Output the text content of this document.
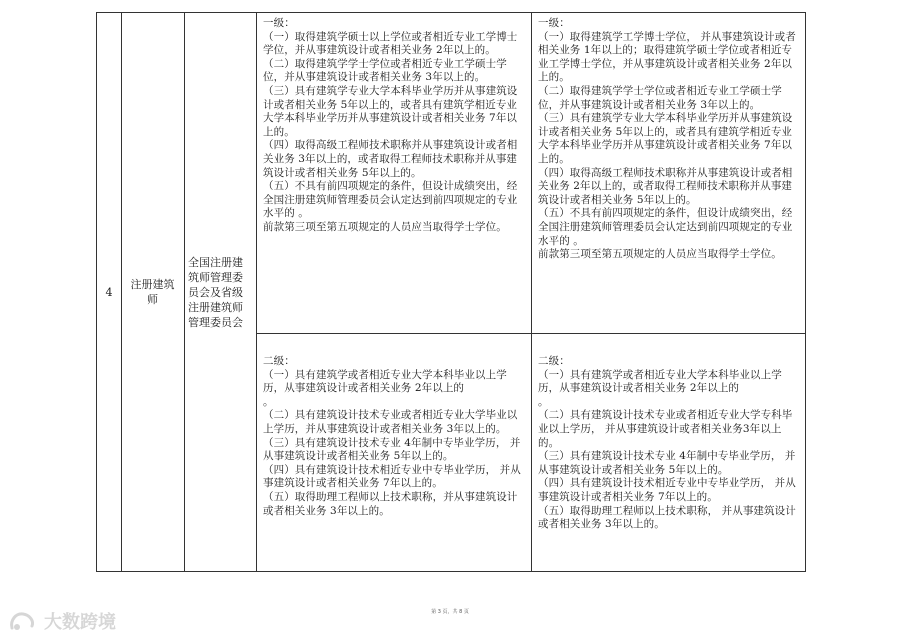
4
注册建筑师
全国注册建筑师管理委员会及省级注册建筑师管理委员会
一级：
（一）取得建筑学硕士以上学位或者相近专业工学博士学位，并从事建筑设计或者相关业务 2年以上的。
（二）取得建筑学学士学位或者相近专业工学硕士学位，并从事建筑设计或者相关业务 3年以上的。
（三）具有建筑学专业大学本科毕业学历并从事建筑设计或者相关业务 5年以上的，或者具有建筑学相近专业大学本科毕业学历并从事建筑设计或者相关业务 7年以上的。
（四）取得高级工程师技术职称并从事建筑设计或者相关业务 3年以上的，或者取得工程师技术职称并从事建筑设计或者相关业务 5年以上的。
（五）不具有前四项规定的条件，但设计成绩突出，经全国注册建筑师管理委员会认定达到前四项规定的专业水平的 。
前款第三项至第五项规定的人员应当取得学士学位。
一级：
（一）取得建筑学工学博士学位， 并从事建筑设计或者相关业务 1年以上的；取得建筑学硕士学位或者相近专业工学博士学位，并从事建筑设计或者相关业务 2年以上的。
（二）取得建筑学学士学位或者相近专业工学硕士学位，并从事建筑设计或者相关业务 3年以上的。
（三）具有建筑学专业大学本科毕业学历并从事建筑设计或者相关业务 5年以上的，或者具有建筑学相近专业大学本科毕业学历并从事建筑设计或者相关业务 7年以上的。
（四）取得高级工程师技术职称并从事建筑设计或者相关业务 2年以上的，或者取得工程师技术职称并从事建筑设计或者相关业务 5年以上的。
（五）不具有前四项规定的条件，但设计成绩突出，经全国注册建筑师管理委员会认定达到前四项规定的专业水平的 。
前款第三项至第五项规定的人员应当取得学士学位。
二级：
（一）具有建筑学或者相近专业大学本科毕业以上学历，从事建筑设计或者相关业务 2年以上的
。
（二）具有建筑设计技术专业或者相近专业大学毕业以上学历，并从事建筑设计或者相关业务 3年以上的。
（三）具有建筑设计技术专业 4年制中专毕业学历， 并从事建筑设计或者相关业务 5年以上的。
（四）具有建筑设计技术相近专业中专毕业学历， 并从事建筑设计或者相关业务 7年以上的。
（五）取得助理工程师以上技术职称，并从事建筑设计或者相关业务 3年以上的。
二级：
（一）具有建筑学或者相近专业大学本科毕业以上学历，从事建筑设计或者相关业务 2年以上的
。
（二）具有建筑设计技术专业或者相近专业大学专科毕业以上学历， 并从事建筑设计或者相关业务3年以上的。
（三）具有建筑设计技术专业 4年制中专毕业学历， 并从事建筑设计或者相关业务 5年以上的。
（四）具有建筑设计技术相近专业中专毕业学历， 并从事建筑设计或者相关业务 7年以上的。
（五）取得助理工程师以上技术职称， 并从事建筑设计或者相关业务 3年以上的。
第 3 页，共 8 页
大数跨境
